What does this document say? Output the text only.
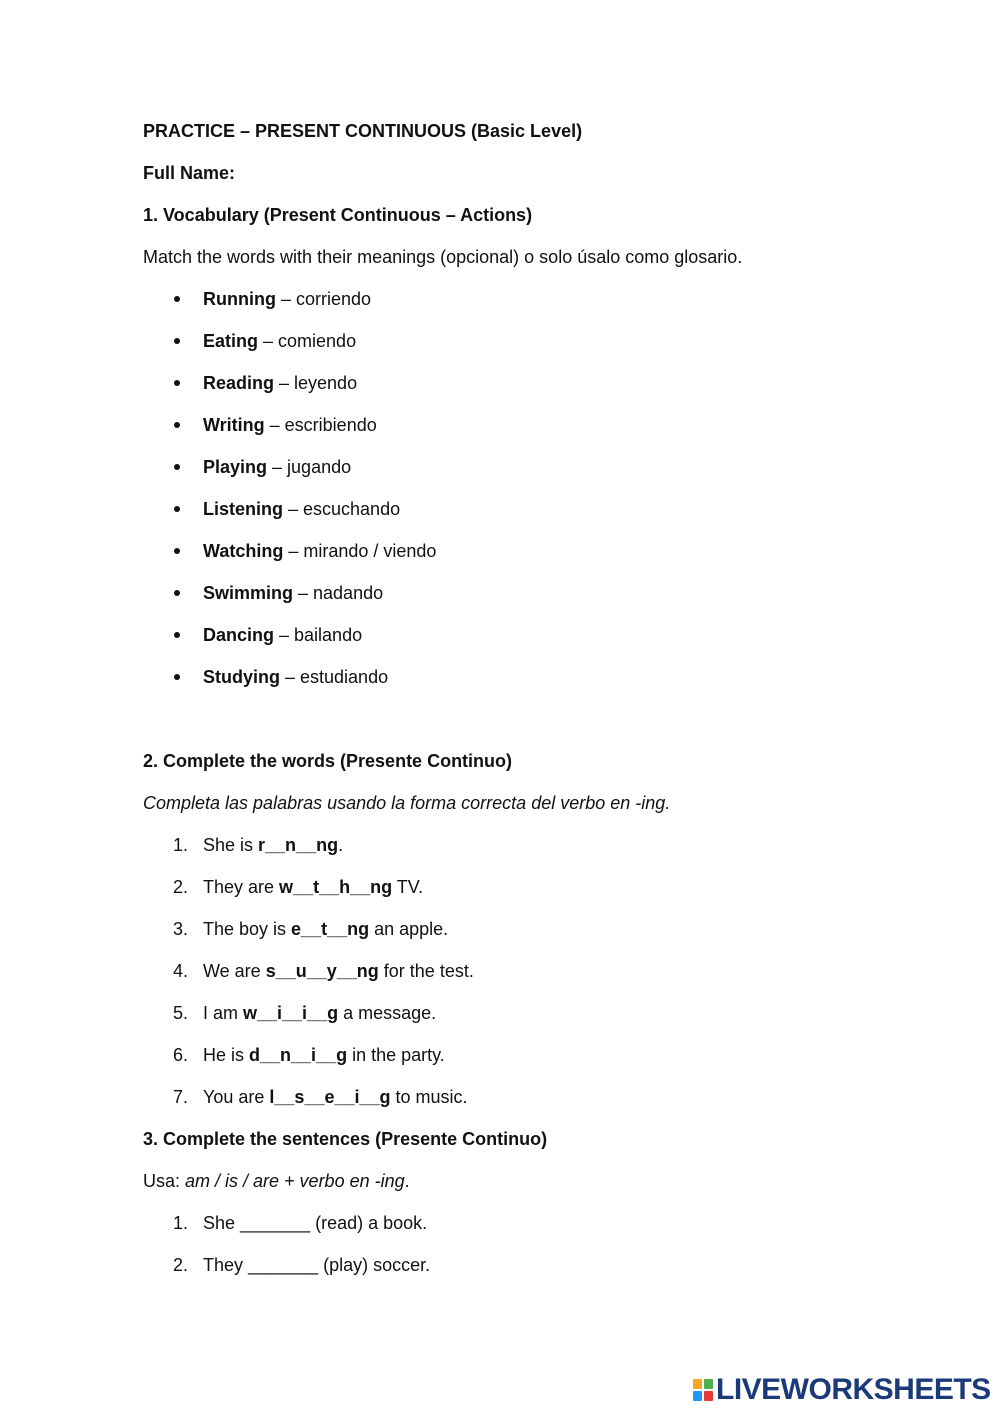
PRACTICE – PRESENT CONTINUOUS (Basic Level)
Full Name:
1. Vocabulary (Present Continuous – Actions)
Match the words with their meanings (opcional) o solo úsalo como glosario.
Running – corriendo
Eating – comiendo
Reading – leyendo
Writing – escribiendo
Playing – jugando
Listening – escuchando
Watching – mirando / viendo
Swimming – nadando
Dancing – bailando
Studying – estudiando
2. Complete the words (Presente Continuo)
Completa las palabras usando la forma correcta del verbo en -ing.
1. She is r__n__ng.
2. They are w__t__h__ng TV.
3. The boy is e__t__ng an apple.
4. We are s__u__y__ng for the test.
5. I am w__i__i__g a message.
6. He is d__n__i__g in the party.
7. You are l__s__e__i__g to music.
3. Complete the sentences (Presente Continuo)
Usa: am / is / are + verbo en -ing.
1. She _______ (read) a book.
2. They _______ (play) soccer.
LIVEWORKSHEETS
